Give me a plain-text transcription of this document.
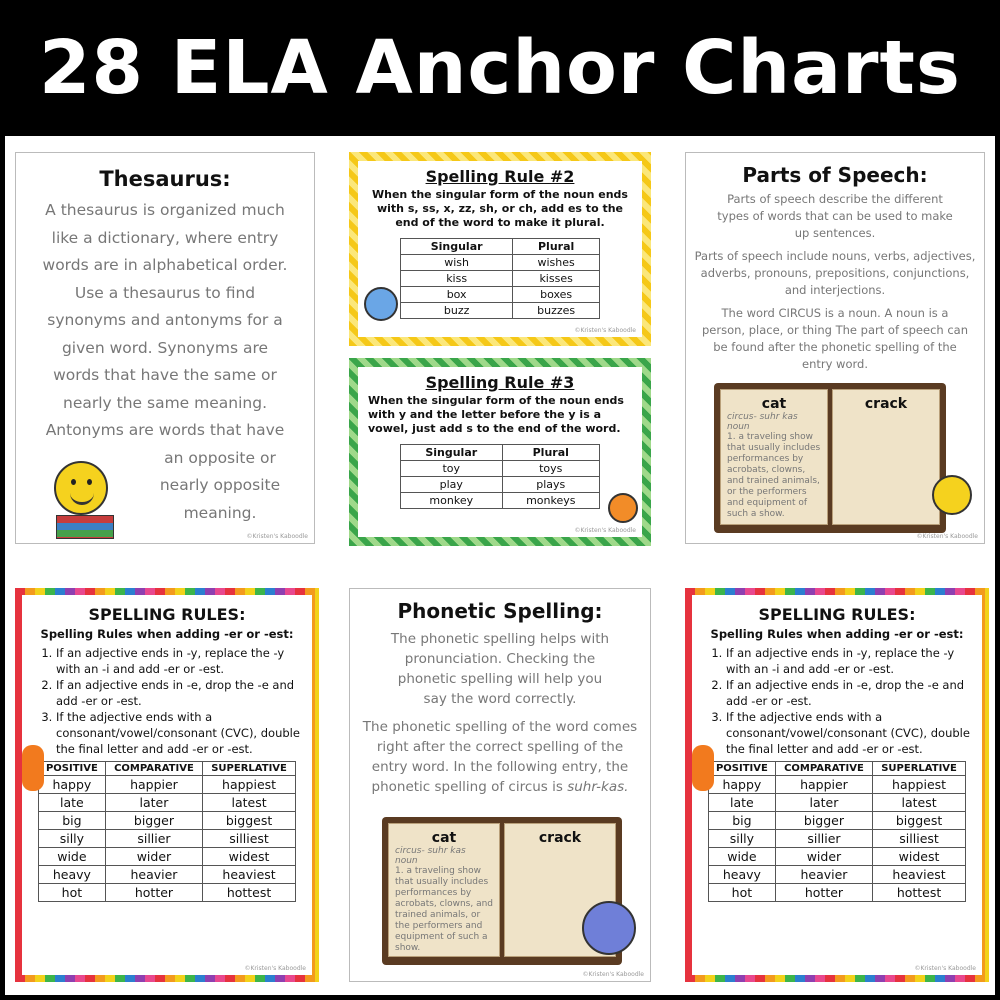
28 ELA Anchor Charts
Thesaurus:
A thesaurus is organized much
like a dictionary, where entry
words are in alphabetical order.
Use a thesaurus to find
synonyms and antonyms for a
given word. Synonyms are
words that have the same or
nearly the same meaning.
Antonyms are words that have
an opposite or
nearly opposite
meaning.
©Kristen's Kaboodle
Spelling Rule #2
When the singular form of the noun ends with s, ss, x, zz, sh, or ch, add es to the end of the word to make it plural.
Singular	Plural
wish	wishes
kiss	kisses
box	boxes
buzz	buzzes
©Kristen's Kaboodle
Spelling Rule #3
When the singular form of the noun ends with y and the letter before the y is a vowel, just add s to the end of the word.
Singular	Plural
toy	toys
play	plays
monkey	monkeys
©Kristen's Kaboodle
Parts of Speech:
Parts of speech describe the different types of words that can be used to make up sentences.
Parts of speech include nouns, verbs, adjectives, adverbs, pronouns, prepositions, conjunctions, and interjections.
The word CIRCUS is a noun. A noun is a person, place, or thing The part of speech can be found after the phonetic spelling of the entry word.
cat
circus- suhr kas
noun
1. a traveling show that usually includes performances by acrobats, clowns, and trained animals, or the performers and equipment of such a show.
crack
©Kristen's Kaboodle
SPELLING RULES:
Spelling Rules when adding -er or -est:
1. If an adjective ends in -y, replace the -y with an -i and add -er or -est.
2. If an adjective ends in -e, drop the -e and add -er or -est.
3. If the adjective ends with a consonant/vowel/consonant (CVC), double the final letter and add -er or -est.
POSITIVE	COMPARATIVE	SUPERLATIVE
happy	happier	happiest
late	later	latest
big	bigger	biggest
silly	sillier	silliest
wide	wider	widest
heavy	heavier	heaviest
hot	hotter	hottest
©Kristen's Kaboodle
Phonetic Spelling:
The phonetic spelling helps with pronunciation. Checking the phonetic spelling will help you say the word correctly.
The phonetic spelling of the word comes right after the correct spelling of the entry word. In the following entry, the phonetic spelling of circus is suhr-kas.
cat
circus- suhr kas
noun
1. a traveling show that usually includes performances by acrobats, clowns, and trained animals, or the performers and equipment of such a show.
crack
©Kristen's Kaboodle
SPELLING RULES:
Spelling Rules when adding -er or -est:
1. If an adjective ends in -y, replace the -y with an -i and add -er or -est.
2. If an adjective ends in -e, drop the -e and add -er or -est.
3. If the adjective ends with a consonant/vowel/consonant (CVC), double the final letter and add -er or -est.
POSITIVE	COMPARATIVE	SUPERLATIVE
happy	happier	happiest
late	later	latest
big	bigger	biggest
silly	sillier	silliest
wide	wider	widest
heavy	heavier	heaviest
hot	hotter	hottest
©Kristen's Kaboodle
